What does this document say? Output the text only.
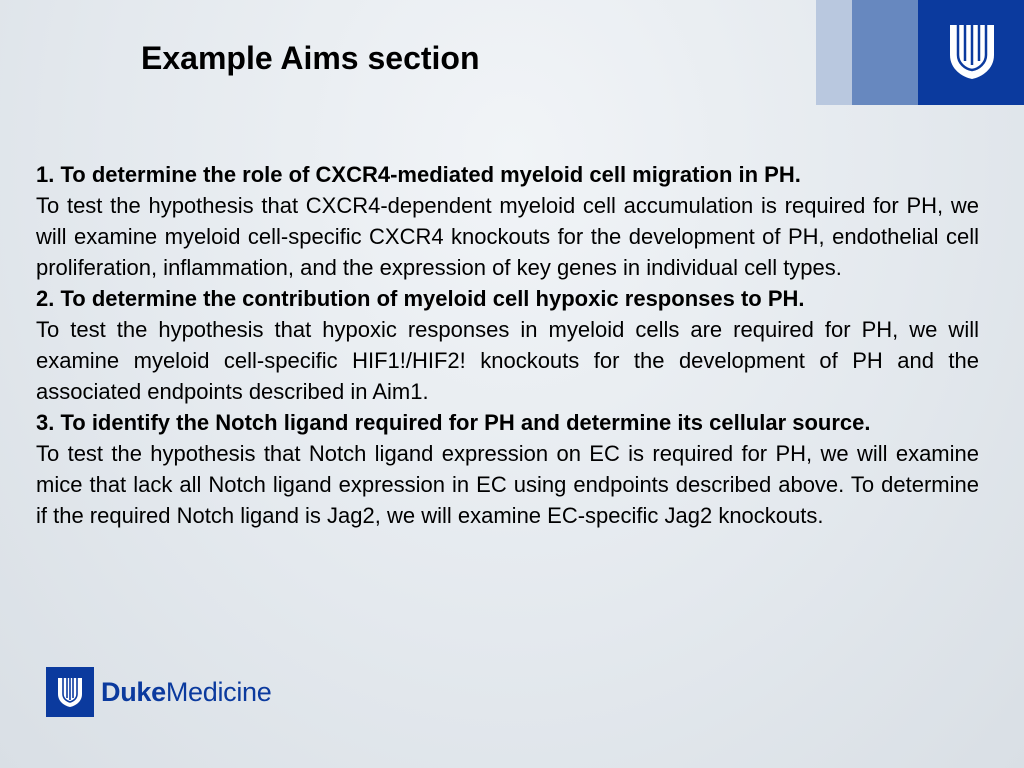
Example Aims section

1. To determine the role of CXCR4-mediated myeloid cell migration in PH.

To test the hypothesis that CXCR4-dependent myeloid cell accumulation is required for PH, we will examine myeloid cell-specific CXCR4 knockouts for the development of PH, endothelial cell proliferation, inflammation, and the expression of key genes in individual cell types.

2. To determine the contribution of myeloid cell hypoxic responses to PH.

To test the hypothesis that hypoxic responses in myeloid cells are required for PH, we will examine myeloid cell-specific HIF1!/HIF2! knockouts for the development of PH and the associated endpoints described in Aim1.

3. To identify the Notch ligand required for PH and determine its cellular source.

To test the hypothesis that Notch ligand expression on EC is required for PH, we will examine mice that lack all Notch ligand expression in EC using endpoints described above. To determine if the required Notch ligand is Jag2, we will examine EC-specific Jag2 knockouts.

DukeMedicine
